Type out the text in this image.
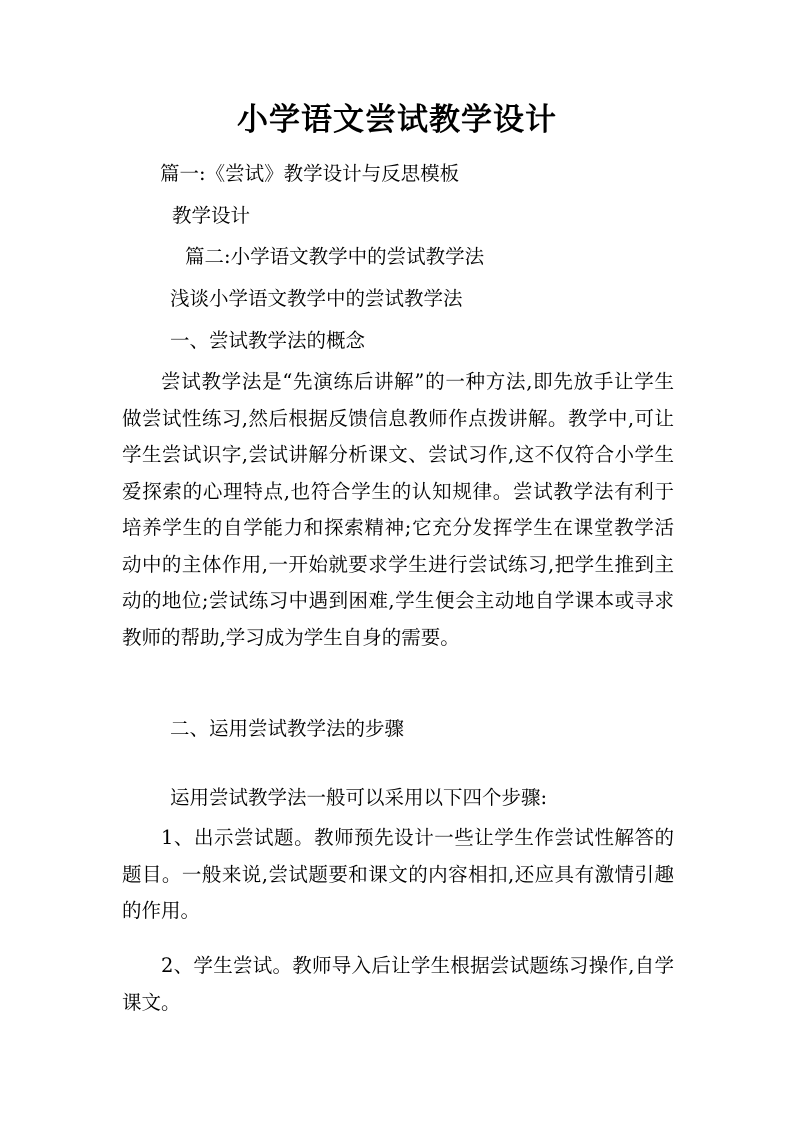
小学语文尝试教学设计
篇一:《尝试》教学设计与反思模板
教学设计
篇二:小学语文教学中的尝试教学法
浅谈小学语文教学中的尝试教学法
一、尝试教学法的概念
尝试教学法是“先演练后讲解”的一种方法,即先放手让学生做尝试性练习,然后根据反馈信息教师作点拨讲解。教学中,可让学生尝试识字,尝试讲解分析课文、尝试习作,这不仅符合小学生爱探索的心理特点,也符合学生的认知规律。尝试教学法有利于培养学生的自学能力和探索精神;它充分发挥学生在课堂教学活动中的主体作用,一开始就要求学生进行尝试练习,把学生推到主动的地位;尝试练习中遇到困难,学生便会主动地自学课本或寻求教师的帮助,学习成为学生自身的需要。
二、运用尝试教学法的步骤
运用尝试教学法一般可以采用以下四个步骤:
1、出示尝试题。教师预先设计一些让学生作尝试性解答的题目。一般来说,尝试题要和课文的内容相扣,还应具有激情引趣的作用。
2、学生尝试。教师导入后让学生根据尝试题练习操作,自学课文。
